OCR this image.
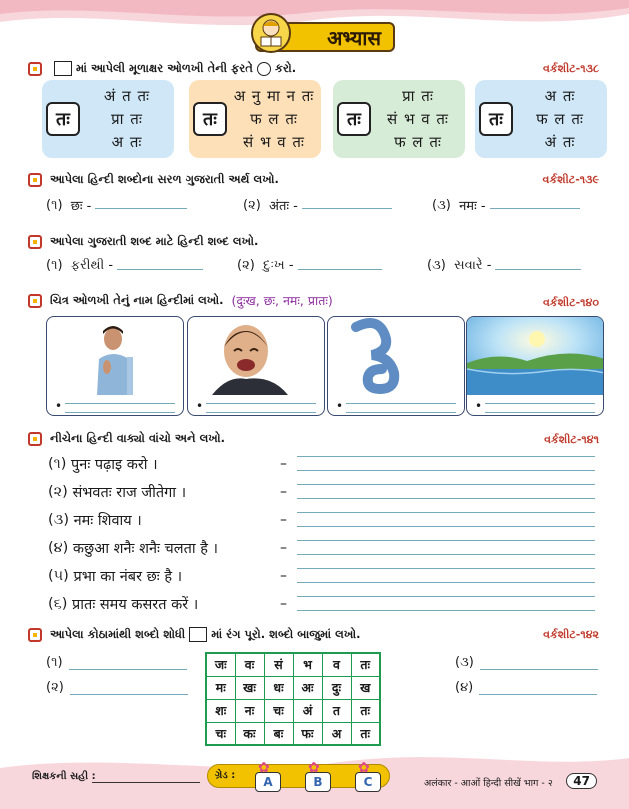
अभ्यास
માં આપેલી મૂળાક્ષર ઓળખી તેની ફરતે કરો.	વર્કશીટ-૧૩૮
तः
अं त तः
प्रा तः
अ तः
तः
अ नु मा न तः
फ ल तः
सं भ व तः
तः
प्रा तः
सं भ व तः
फ ल तः
तः
अ तः
फ ल तः
अं तः
આપેલા હિન્દી શબ્દોના સરળ ગુજરાતી અર્થ લખો.	વર્કશીટ-૧૩૯
(૧)
छः -	(૨)
अंतः -	(૩)
नमः -
આપેલા ગુજરાતી શબ્દ માટે હિન્દી શબ્દ લખો.
(૧)
ફરીથી -	(૨)
દુઃખ -	(૩)
સવારે -
ચિત્ર ઓળખી તેનું નામ હિન્દીમાં લખો. (दुःख, छः, नमः, प्रातः)	વર્કશીટ-૧૪૦
•	•	•	•
નીચેના હિન્દી વાક્યો વાંચો અને લખો.	વર્કશીટ-૧૪૧
(૧)
पुनः पढ़ाइ करो ।	–
(૨)
संभवतः राज जीतेगा ।	–
(૩)
नमः शिवाय ।	–
(૪)
कछुआ शनैः शनैः चलता है ।	–
(૫)
प्रभा का नंबर छः है ।	–
(૬)
प्रातः समय कसरत करें ।	–
આપેલા કોઠામાંથી શબ્દો શોધી માં રંગ પૂરો. શબ્દો બાજુમાં લખો.	વર્કશીટ-૧૪૨
(૧)
(૨)
(૩)
(૪)
जः	वः	सं	भ	व	तः
मः	खः	धः	अः	दुः	ख
शः	नः	चः	अं	त	तः
चः	कः	बः	फः	अ	तः
શિક્ષકની સહી :	ગ્રેડ :	A	B	C
✿	✿	✿
अलंकार - आओं हिन्दी सीखें भाग - २	47
